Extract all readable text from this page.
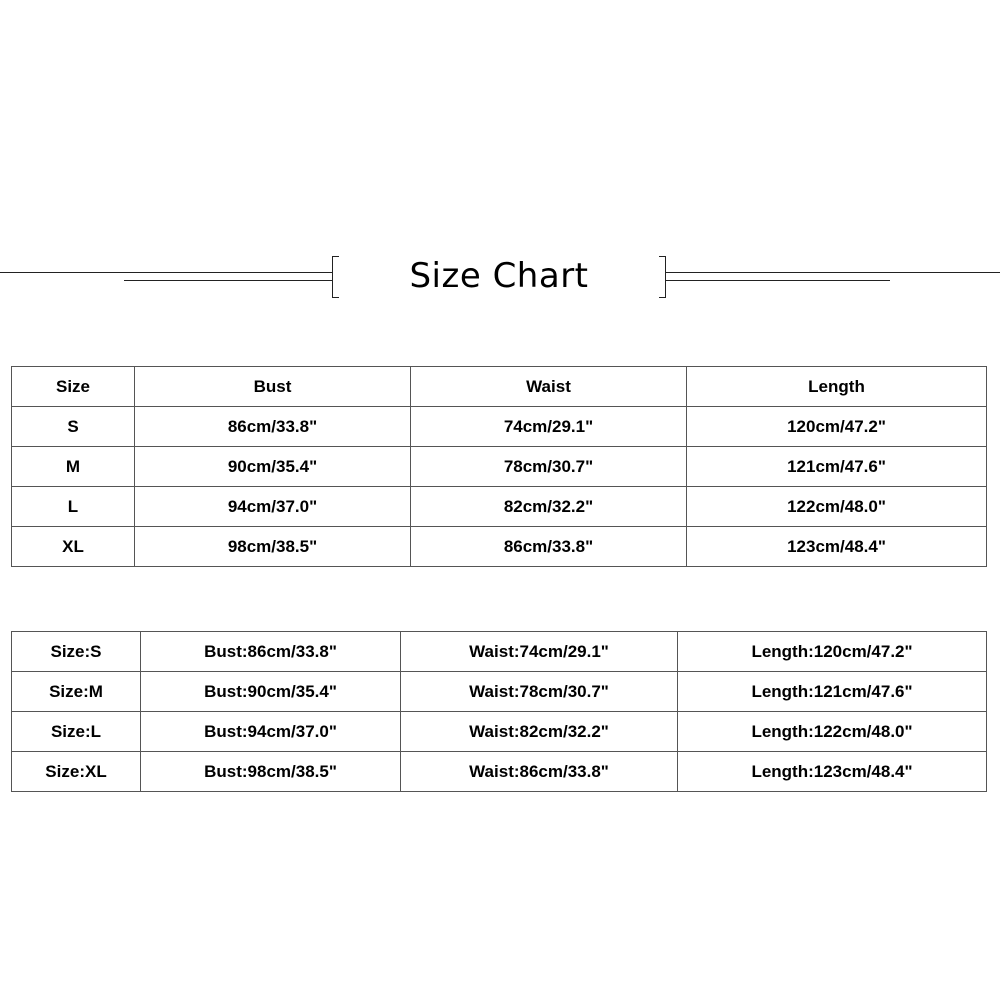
Size Chart
Size	Bust	Waist	Length
S	86cm/33.8"	74cm/29.1"	120cm/47.2"
M	90cm/35.4"	78cm/30.7"	121cm/47.6"
L	94cm/37.0"	82cm/32.2"	122cm/48.0"
XL	98cm/38.5"	86cm/33.8"	123cm/48.4"
Size:S	Bust:86cm/33.8"	Waist:74cm/29.1"	Length:120cm/47.2"
Size:M	Bust:90cm/35.4"	Waist:78cm/30.7"	Length:121cm/47.6"
Size:L	Bust:94cm/37.0"	Waist:82cm/32.2"	Length:122cm/48.0"
Size:XL	Bust:98cm/38.5"	Waist:86cm/33.8"	Length:123cm/48.4"
